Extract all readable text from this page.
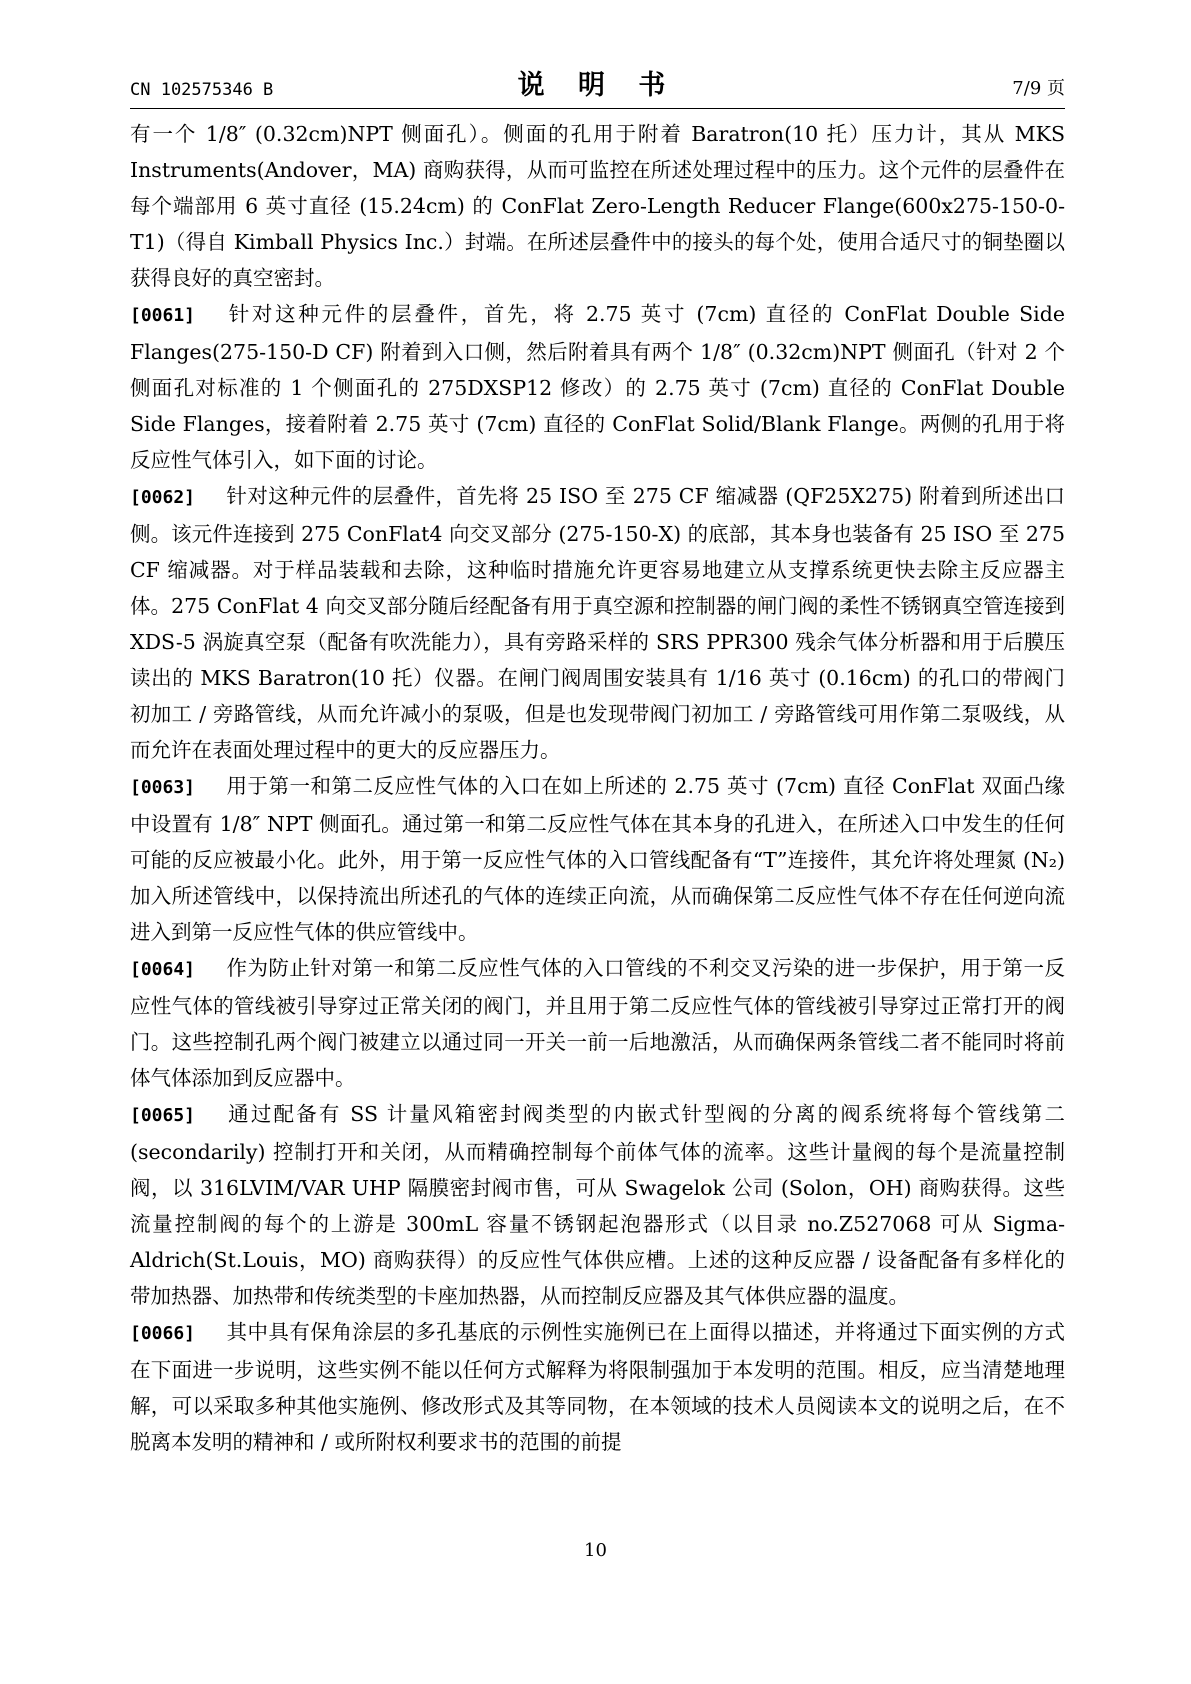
CN 102575346 B	说 明 书	7/9 页

有一个 1/8″ (0.32cm)NPT 侧面孔）。侧面的孔用于附着 Baratron(10 托）压力计，其从 MKS Instruments(Andover，MA) 商购获得，从而可监控在所述处理过程中的压力。这个元件的层叠件在每个端部用 6 英寸直径 (15.24cm) 的 ConFlat Zero-Length Reducer Flange(600x275-150-0-T1)（得自 Kimball Physics Inc.）封端。在所述层叠件中的接头的每个处，使用合适尺寸的铜垫圈以获得良好的真空密封。

[0061] 针对这种元件的层叠件，首先，将 2.75 英寸 (7cm) 直径的 ConFlat Double Side Flanges(275-150-D CF) 附着到入口侧，然后附着具有两个 1/8″ (0.32cm)NPT 侧面孔（针对 2 个侧面孔对标准的 1 个侧面孔的 275DXSP12 修改）的 2.75 英寸 (7cm) 直径的 ConFlat Double Side Flanges，接着附着 2.75 英寸 (7cm) 直径的 ConFlat Solid/Blank Flange。两侧的孔用于将反应性气体引入，如下面的讨论。

[0062] 针对这种元件的层叠件，首先将 25 ISO 至 275 CF 缩减器 (QF25X275) 附着到所述出口侧。该元件连接到 275 ConFlat4 向交叉部分 (275-150-X) 的底部，其本身也装备有 25 ISO 至 275 CF 缩减器。对于样品装载和去除，这种临时措施允许更容易地建立从支撑系统更快去除主反应器主体。275 ConFlat 4 向交叉部分随后经配备有用于真空源和控制器的闸门阀的柔性不锈钢真空管连接到 XDS-5 涡旋真空泵（配备有吹洗能力），具有旁路采样的 SRS PPR300 残余气体分析器和用于后膜压读出的 MKS Baratron(10 托）仪器。在闸门阀周围安装具有 1/16 英寸 (0.16cm) 的孔口的带阀门初加工 / 旁路管线，从而允许减小的泵吸，但是也发现带阀门初加工 / 旁路管线可用作第二泵吸线，从而允许在表面处理过程中的更大的反应器压力。

[0063] 用于第一和第二反应性气体的入口在如上所述的 2.75 英寸 (7cm) 直径 ConFlat 双面凸缘中设置有 1/8″ NPT 侧面孔。通过第一和第二反应性气体在其本身的孔进入，在所述入口中发生的任何可能的反应被最小化。此外，用于第一反应性气体的入口管线配备有“T”连接件，其允许将处理氮 (N₂) 加入所述管线中，以保持流出所述孔的气体的连续正向流，从而确保第二反应性气体不存在任何逆向流进入到第一反应性气体的供应管线中。

[0064] 作为防止针对第一和第二反应性气体的入口管线的不利交叉污染的进一步保护，用于第一反应性气体的管线被引导穿过正常关闭的阀门，并且用于第二反应性气体的管线被引导穿过正常打开的阀门。这些控制孔两个阀门被建立以通过同一开关一前一后地激活，从而确保两条管线二者不能同时将前体气体添加到反应器中。

[0065] 通过配备有 SS 计量风箱密封阀类型的内嵌式针型阀的分离的阀系统将每个管线第二 (secondarily) 控制打开和关闭，从而精确控制每个前体气体的流率。这些计量阀的每个是流量控制阀，以 316LVIM/VAR UHP 隔膜密封阀市售，可从 Swagelok 公司 (Solon，OH) 商购获得。这些流量控制阀的每个的上游是 300mL 容量不锈钢起泡器形式（以目录 no.Z527068 可从 Sigma-Aldrich(St.Louis，MO) 商购获得）的反应性气体供应槽。上述的这种反应器 / 设备配备有多样化的带加热器、加热带和传统类型的卡座加热器，从而控制反应器及其气体供应器的温度。

[0066] 其中具有保角涂层的多孔基底的示例性实施例已在上面得以描述，并将通过下面实例的方式在下面进一步说明，这些实例不能以任何方式解释为将限制强加于本发明的范围。相反，应当清楚地理解，可以采取多种其他实施例、修改形式及其等同物，在本领域的技术人员阅读本文的说明之后，在不脱离本发明的精神和 / 或所附权利要求书的范围的前提

10
